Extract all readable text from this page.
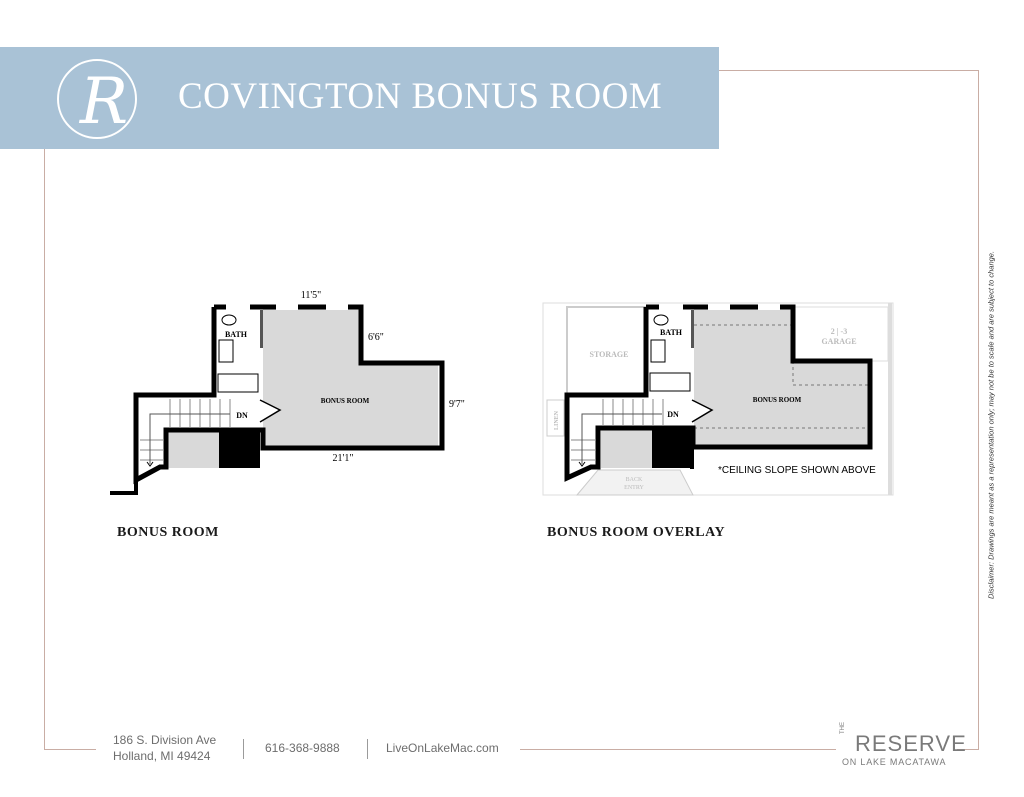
R	COVINGTON BONUS ROOM
11'5"
6'6"
9'7"
21'1"
BATH
BONUS ROOM
DN
BATH
BONUS ROOM
DN
STORAGE
2 | -3
GARAGE
LINEN
BACK
ENTRY
*CEILING SLOPE SHOWN ABOVE
BONUS ROOM	BONUS ROOM OVERLAY	Disclaimer: Drawings are meant as a representation only; may not be to scale and are subject to change.
186 S. Division Ave
Holland, MI 49424
616-368-9888	LiveOnLakeMac.com
THE
RESERVE
ON LAKE MACATAWA
